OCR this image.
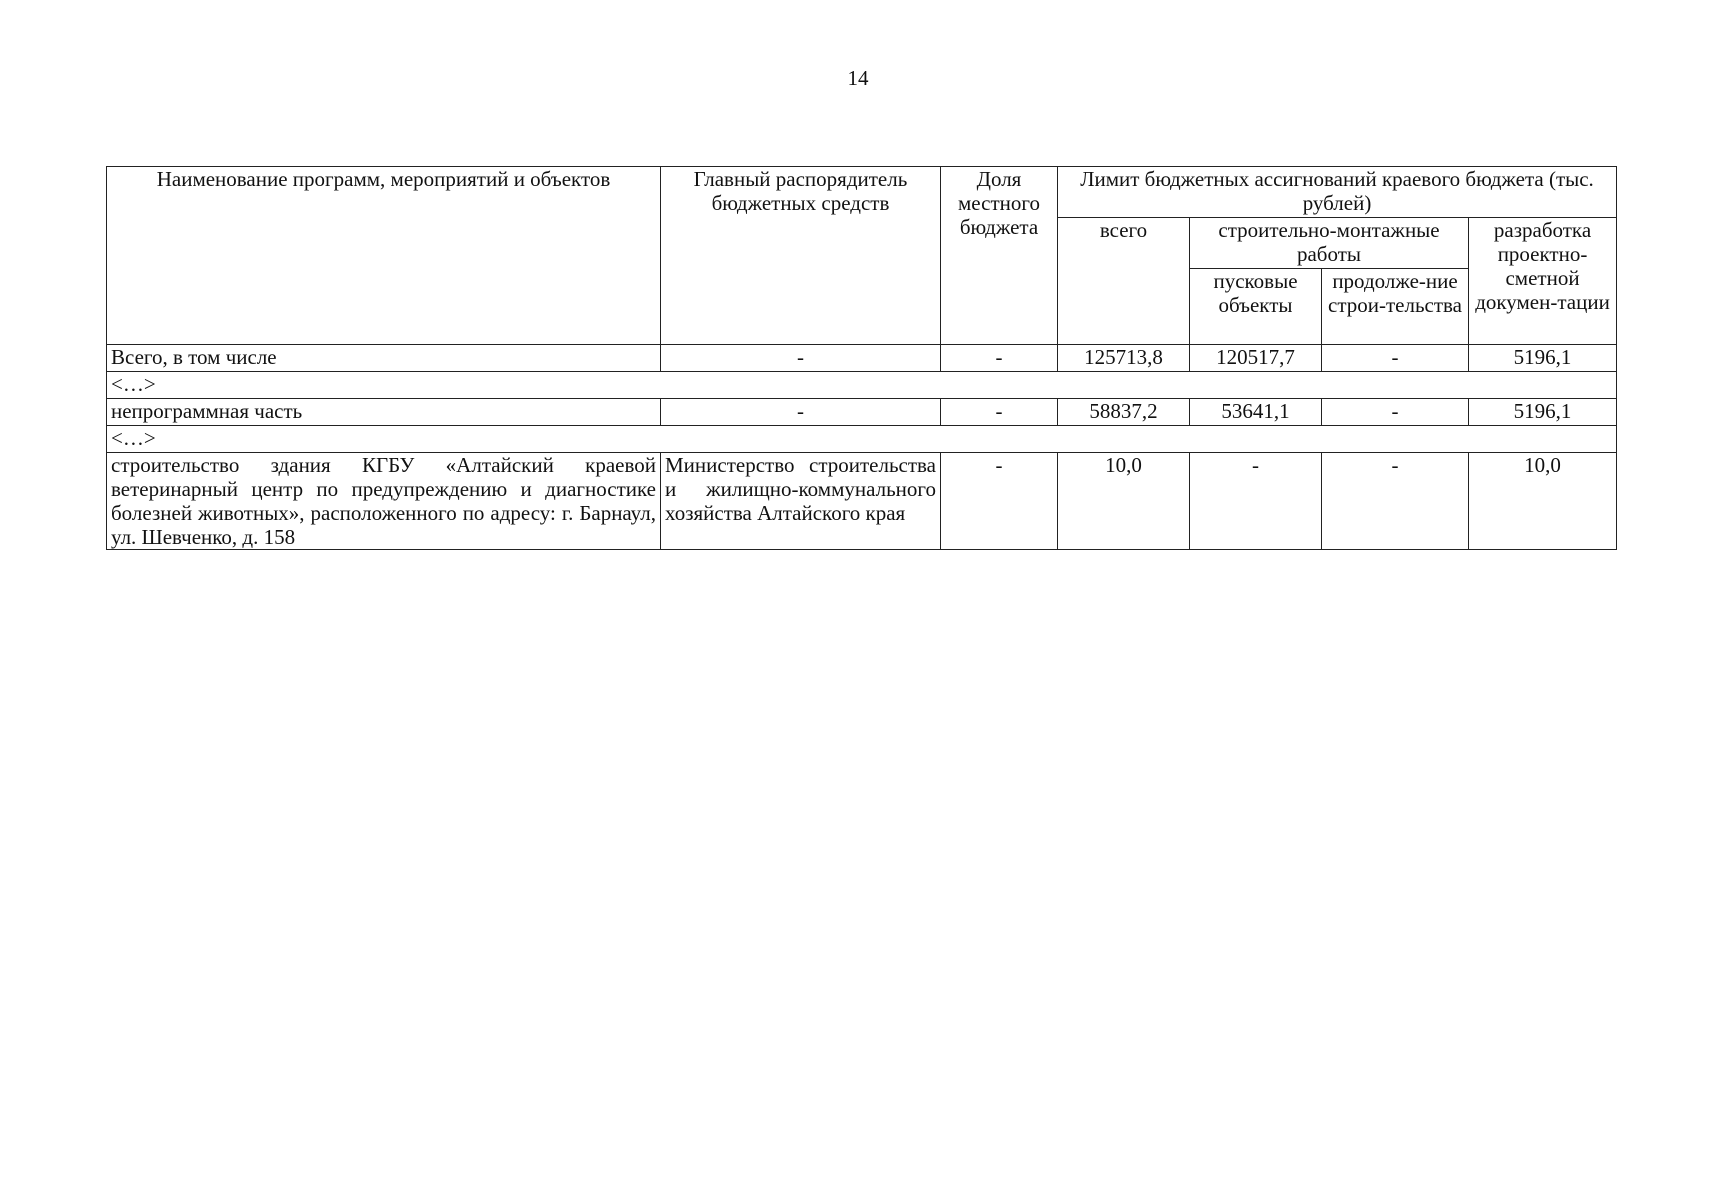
14
Наименование программ, мероприятий и объектов	Главный распорядитель бюджетных средств	Доля местного бюджета	Лимит бюджетных ассигнований краевого бюджета (тыс. рублей)			
			всего	строительно-монтажные работы		разработка проектно-сметной докумен-тации
				пусковые объекты	продолже-ние строи-тельства	
Всего, в том числе	-	-	125713,8	120517,7	-	5196,1
<…>						
непрограммная часть	-	-	58837,2	53641,1	-	5196,1
<…>						
строительство здания КГБУ «Алтайский краевой ветеринарный центр по предупреждению и диагностике болезней животных», расположенного по адресу: г. Барнаул, ул. Шевченко, д. 158	Министерство строительства и жилищно-коммунального хозяйства Алтайского края	-	10,0	-	-	10,0
